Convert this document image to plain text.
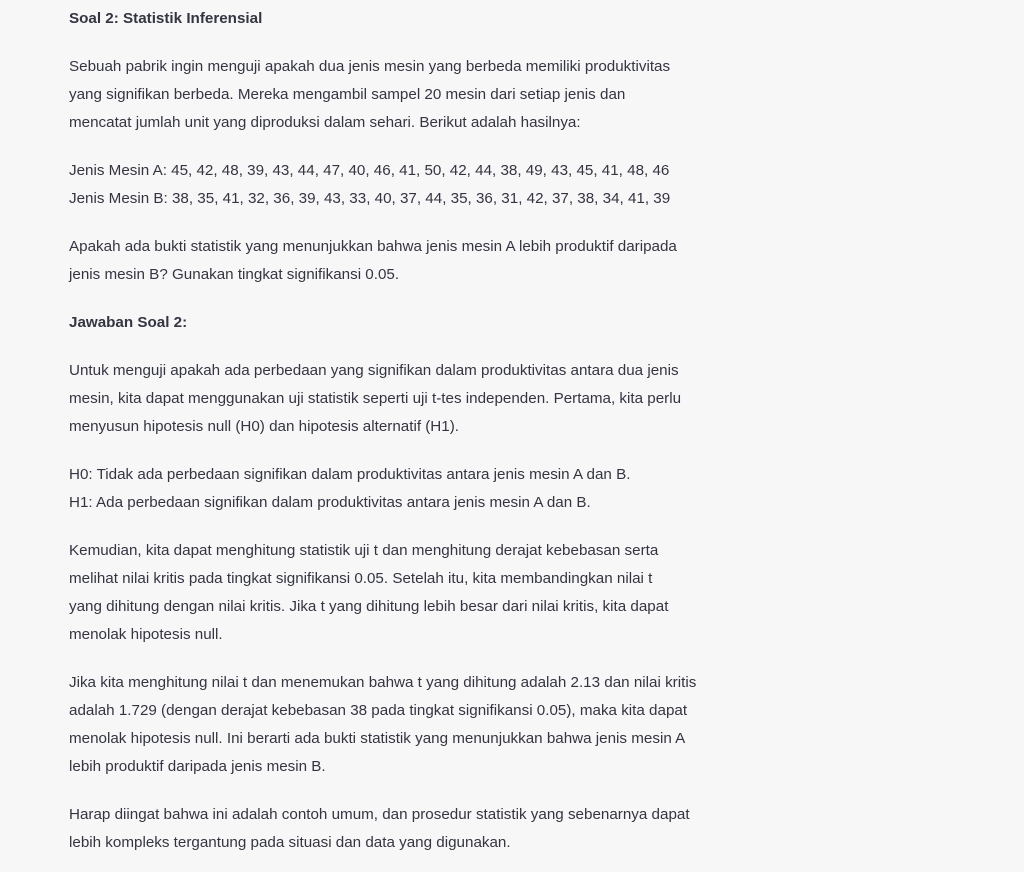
Soal 2: Statistik Inferensial

Sebuah pabrik ingin menguji apakah dua jenis mesin yang berbeda memiliki produktivitas
yang signifikan berbeda. Mereka mengambil sampel 20 mesin dari setiap jenis dan
mencatat jumlah unit yang diproduksi dalam sehari. Berikut adalah hasilnya:

Jenis Mesin A: 45, 42, 48, 39, 43, 44, 47, 40, 46, 41, 50, 42, 44, 38, 49, 43, 45, 41, 48, 46

Jenis Mesin B: 38, 35, 41, 32, 36, 39, 43, 33, 40, 37, 44, 35, 36, 31, 42, 37, 38, 34, 41, 39

Apakah ada bukti statistik yang menunjukkan bahwa jenis mesin A lebih produktif daripada
jenis mesin B? Gunakan tingkat signifikansi 0.05.

Jawaban Soal 2:

Untuk menguji apakah ada perbedaan yang signifikan dalam produktivitas antara dua jenis
mesin, kita dapat menggunakan uji statistik seperti uji t-tes independen. Pertama, kita perlu
menyusun hipotesis null (H0) dan hipotesis alternatif (H1).

H0: Tidak ada perbedaan signifikan dalam produktivitas antara jenis mesin A dan B.

H1: Ada perbedaan signifikan dalam produktivitas antara jenis mesin A dan B.

Kemudian, kita dapat menghitung statistik uji t dan menghitung derajat kebebasan serta
melihat nilai kritis pada tingkat signifikansi 0.05. Setelah itu, kita membandingkan nilai t
yang dihitung dengan nilai kritis. Jika t yang dihitung lebih besar dari nilai kritis, kita dapat
menolak hipotesis null.

Jika kita menghitung nilai t dan menemukan bahwa t yang dihitung adalah 2.13 dan nilai kritis
adalah 1.729 (dengan derajat kebebasan 38 pada tingkat signifikansi 0.05), maka kita dapat
menolak hipotesis null. Ini berarti ada bukti statistik yang menunjukkan bahwa jenis mesin A
lebih produktif daripada jenis mesin B.

Harap diingat bahwa ini adalah contoh umum, dan prosedur statistik yang sebenarnya dapat
lebih kompleks tergantung pada situasi dan data yang digunakan.
